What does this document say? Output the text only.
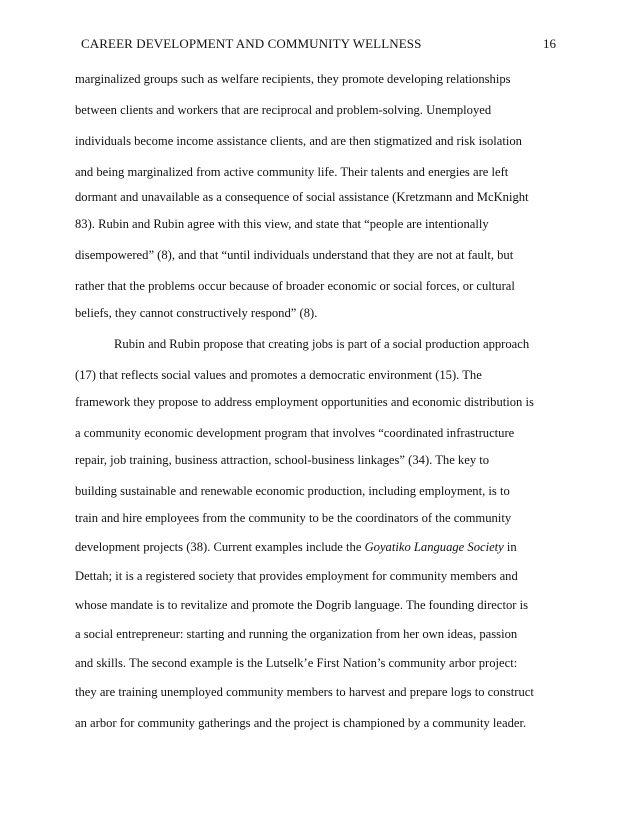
CAREER DEVELOPMENT AND COMMUNITY WELLNESS	16
marginalized groups such as welfare recipients, they promote developing relationships
between clients and workers that are reciprocal and problem-solving. Unemployed
individuals become income assistance clients, and are then stigmatized and risk isolation
and being marginalized from active community life. Their talents and energies are left
dormant and unavailable as a consequence of social assistance (Kretzmann and McKnight
83). Rubin and Rubin agree with this view, and state that “people are intentionally
disempowered” (8), and that “until individuals understand that they are not at fault, but
rather that the problems occur because of broader economic or social forces, or cultural
beliefs, they cannot constructively respond” (8).
Rubin and Rubin propose that creating jobs is part of a social production approach
(17) that reflects social values and promotes a democratic environment (15). The
framework they propose to address employment opportunities and economic distribution is
a community economic development program that involves “coordinated infrastructure
repair, job training, business attraction, school-business linkages” (34). The key to
building sustainable and renewable economic production, including employment, is to
train and hire employees from the community to be the coordinators of the community
development projects (38). Current examples include the Goyatiko Language Society in
Dettah; it is a registered society that provides employment for community members and
whose mandate is to revitalize and promote the Dogrib language. The founding director is
a social entrepreneur: starting and running the organization from her own ideas, passion
and skills. The second example is the Lutselk’e First Nation’s community arbor project:
they are training unemployed community members to harvest and prepare logs to construct
an arbor for community gatherings and the project is championed by a community leader.
